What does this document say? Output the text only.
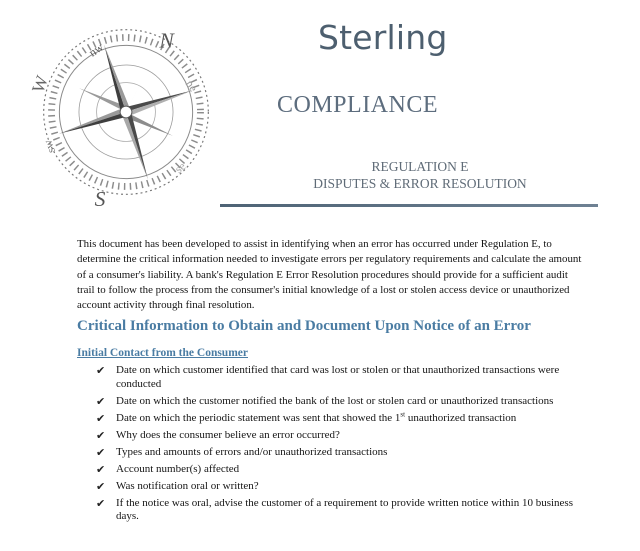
N
S
W
nw
ne
sw
se
Sterling
COMPLIANCE
REGULATION E
DISPUTES & ERROR RESOLUTION

This document has been developed to assist in identifying when an error has occurred under Regulation E, to determine the critical information needed to investigate errors per regulatory requirements and calculate the amount of a consumer's liability. A bank's Regulation E Error Resolution procedures should provide for a sufficient audit trail to follow the process from the consumer's initial knowledge of a lost or stolen access device or unauthorized account activity through final resolution.

Critical Information to Obtain and Document Upon Notice of an Error
Initial Contact from the Consumer
✔ Date on which customer identified that card was lost or stolen or that unauthorized transactions were conducted
✔ Date on which the customer notified the bank of the lost or stolen card or unauthorized transactions
✔ Date on which the periodic statement was sent that showed the 1st unauthorized transaction
✔ Why does the consumer believe an error occurred?
✔ Types and amounts of errors and/or unauthorized transactions
✔ Account number(s) affected
✔ Was notification oral or written?
✔ If the notice was oral, advise the customer of a requirement to provide written notice within 10 business days.
